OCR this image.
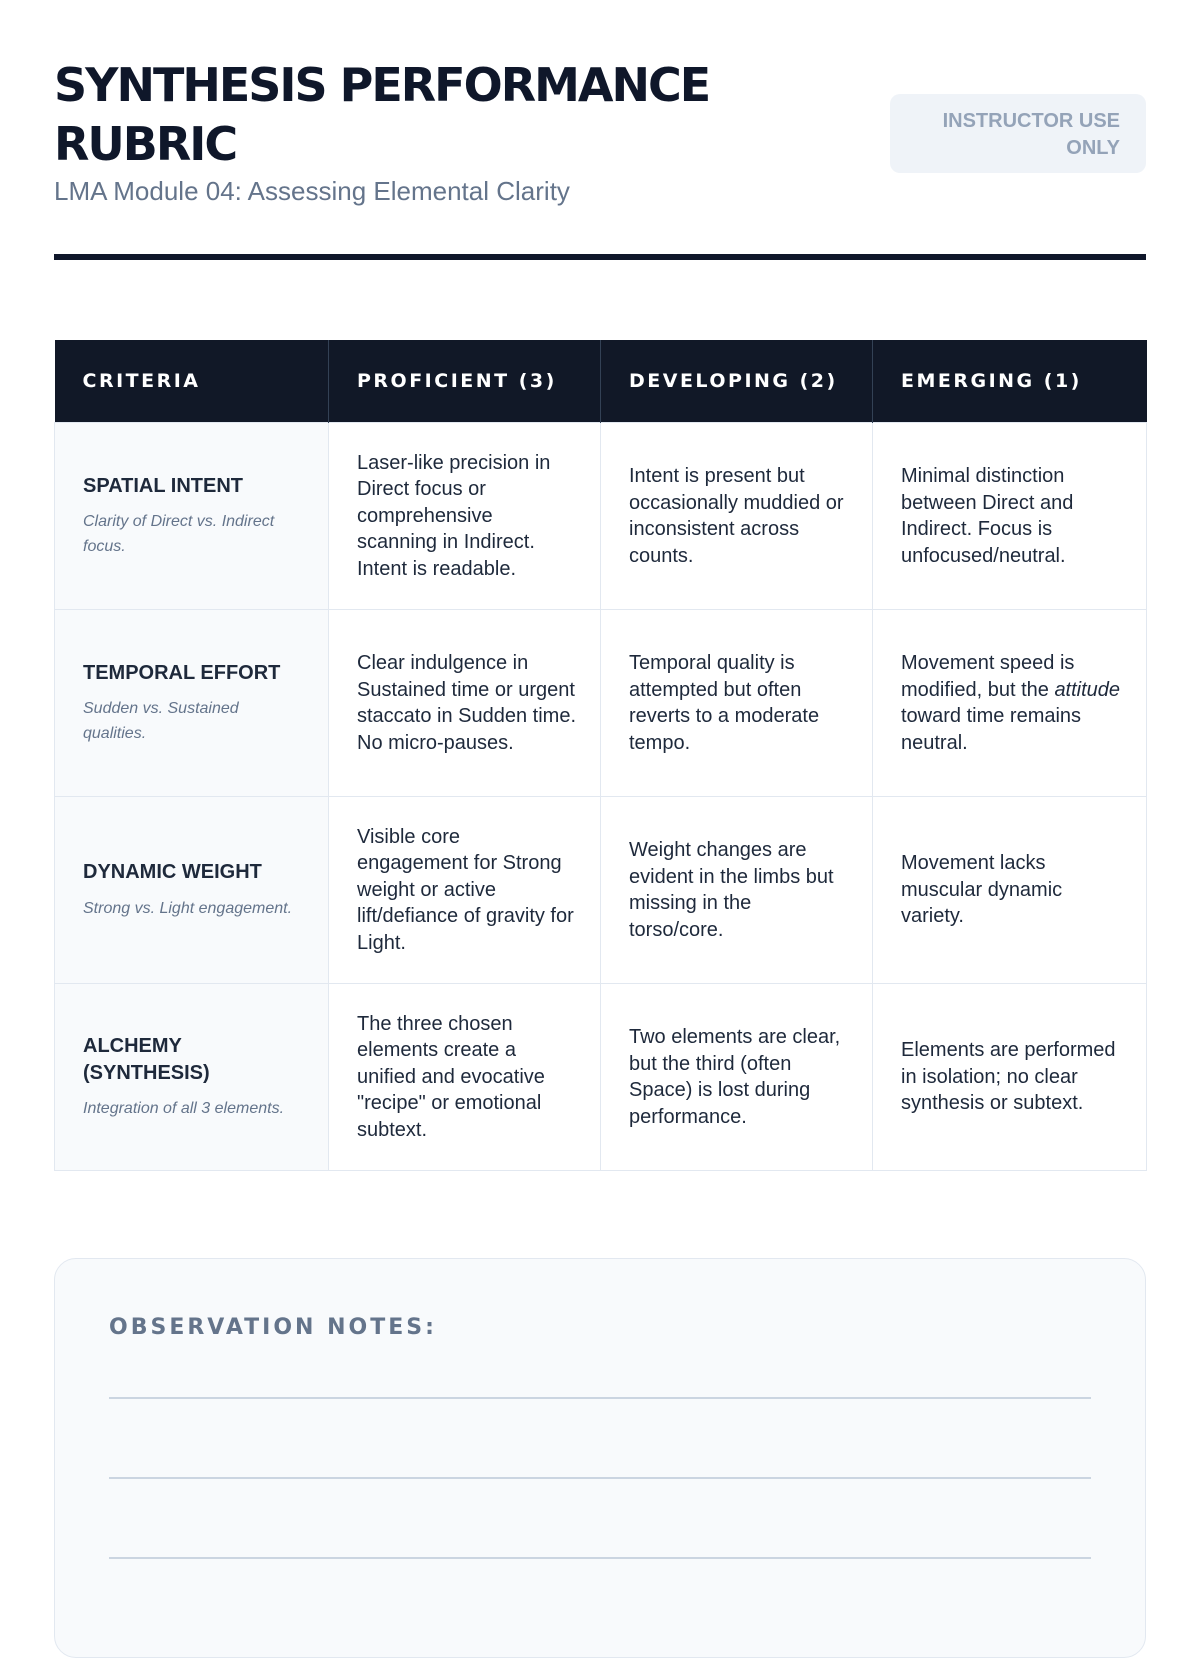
SYNTHESIS PERFORMANCE RUBRIC

LMA Module 04: Assessing Elemental Clarity

INSTRUCTOR USE ONLY
CRITERIA	PROFICIENT (3)	DEVELOPING (2)	EMERGING (1)

SPATIAL INTENT
Clarity of Direct vs. Indirect focus.	Laser-like precision in Direct focus or comprehensive scanning in Indirect. Intent is readable.	Intent is present but occasionally muddied or inconsistent across counts.	Minimal distinction between Direct and Indirect. Focus is unfocused/neutral.

TEMPORAL EFFORT
Sudden vs. Sustained qualities.	Clear indulgence in Sustained time or urgent staccato in Sudden time. No micro-pauses.	Temporal quality is attempted but often reverts to a moderate tempo.	Movement speed is modified, but the attitude toward time remains neutral.

DYNAMIC WEIGHT
Strong vs. Light engagement.	Visible core engagement for Strong weight or active lift/defiance of gravity for Light.	Weight changes are evident in the limbs but missing in the torso/core.	Movement lacks muscular dynamic variety.

ALCHEMY (SYNTHESIS)
Integration of all 3 elements.	The three chosen elements create a unified and evocative "recipe" or emotional subtext.	Two elements are clear, but the third (often Space) is lost during performance.	Elements are performed in isolation; no clear synthesis or subtext.
OBSERVATION NOTES:
